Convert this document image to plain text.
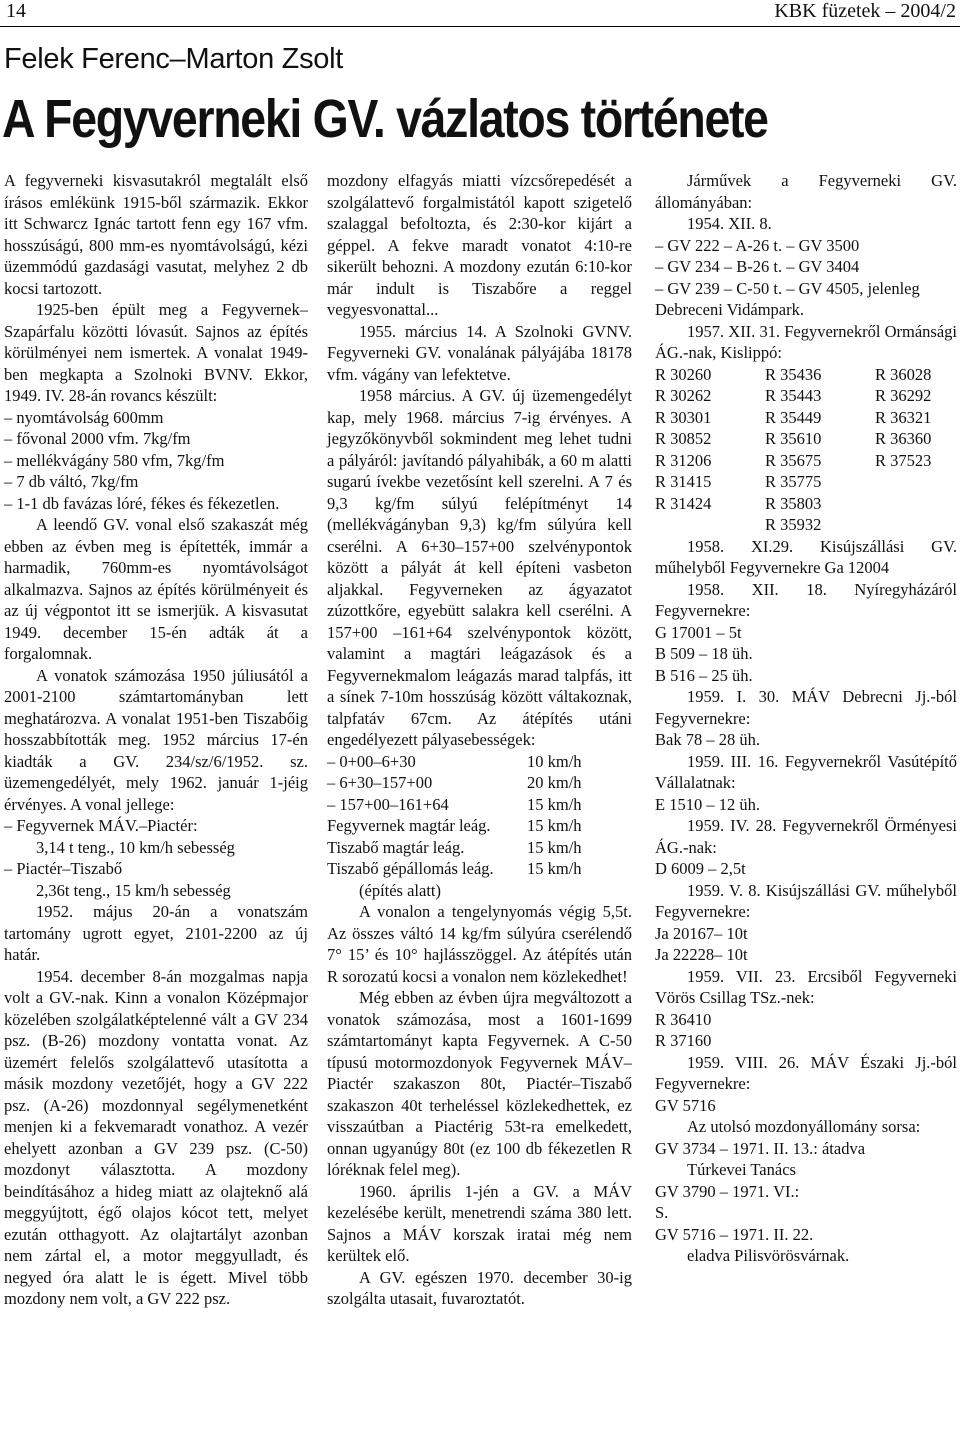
14	KBK füzetek – 2004/2
Felek Ferenc–Marton Zsolt
A Fegyverneki GV. vázlatos története

A fegyverneki kisvasutakról megtalált első írásos emlékünk 1915-ből származik. Ekkor itt Schwarcz Ignác tartott fenn egy 167 vfm. hosszúságú, 800 mm-es nyomtávolságú, kézi üzemmódú gazdasági vasutat, melyhez 2 db kocsi tartozott.

1925-ben épült meg a Fegyvernek–Szapárfalu közötti lóvasút. Sajnos az építés körülményei nem ismertek. A vonalat 1949-ben megkapta a Szolnoki BVNV. Ekkor, 1949. IV. 28-án rovancs készült:

– nyomtávolság 600mm

– fővonal 2000 vfm. 7kg/fm

– mellékvágány 580 vfm, 7kg/fm

– 7 db váltó, 7kg/fm

– 1-1 db favázas lóré, fékes és fékezetlen.

A leendő GV. vonal első szakaszát még ebben az évben meg is építették, immár a harmadik, 760mm-es nyomtávolságot alkalmazva. Sajnos az építés körülményeit és az új végpontot itt se ismerjük. A kisvasutat 1949. december 15-én adták át a forgalomnak.

A vonatok számozása 1950 júliusától a 2001-2100 számtartományban lett meghatározva. A vonalat 1951-ben Tiszabőig hosszabbították meg. 1952 március 17-én kiadták a GV. 234/sz/6/1952. sz. üzemengedélyét, mely 1962. január 1-jéig érvényes. A vonal jellege:

– Fegyvernek MÁV.–Piactér:

3,14 t teng., 10 km/h sebesség

– Piactér–Tiszabő

2,36t teng., 15 km/h sebesség

1952. május 20-án a vonatszám tartomány ugrott egyet, 2101-2200 az új határ.

1954. december 8-án mozgalmas napja volt a GV.-nak. Kinn a vonalon Középmajor közelében szolgálatképtelenné vált a GV 234 psz. (B-26) mozdony vontatta vonat. Az üzemért felelős szolgálattevő utasította a másik mozdony vezetőjét, hogy a GV 222 psz. (A-26) mozdonnyal segélymenetként menjen ki a fekvemaradt vonathoz. A vezér ehelyett azonban a GV 239 psz. (C-50) mozdonyt választotta. A mozdony beindításához a hideg miatt az olajteknő alá meggyújtott, égő olajos kócot tett, melyet ezután otthagyott. Az olajtartályt azonban nem zártal el, a motor meggyulladt, és negyed óra alatt le is égett. Mivel több mozdony nem volt, a GV 222 psz.

mozdony elfagyás miatti vízcsőrepedését a szolgálattevő forgalmistától kapott szigetelő szalaggal befoltozta, és 2:30-kor kijárt a géppel. A fekve maradt vonatot 4:10-re sikerült behozni. A mozdony ezután 6:10-kor már indult is Tiszabőre a reggel vegyesvonattal...

1955. március 14. A Szolnoki GVNV. Fegyverneki GV. vonalának pályájába 18178 vfm. vágány van lefektetve.

1958 március. A GV. új üzemengedélyt kap, mely 1968. március 7-ig érvényes. A jegyzőkönyvből sokmindent meg lehet tudni a pályáról: javítandó pályahibák, a 60 m alatti sugarú ívekbe vezetősínt kell szerelni. A 7 és 9,3 kg/fm súlyú felépítményt 14 (mellékvágányban 9,3) kg/fm súlyúra kell cserélni. A 6+30–157+00 szelvénypontok között a pályát át kell építeni vasbeton aljakkal. Fegyverneken az ágyazatot zúzottkőre, egyebütt salakra kell cserélni. A 157+00 –161+64 szelvénypontok között, valamint a magtári leágazások és a Fegyvernekmalom leágazás marad talpfás, itt a sínek 7-10m hosszúság között váltakoznak, talpfatáv 67cm. Az átépítés utáni engedélyezett pályasebességek:

– 0+00–6+30	10 km/h
– 6+30–157+00	20 km/h
– 157+00–161+64	15 km/h
Fegyvernek magtár leág.	15 km/h
Tiszabő magtár leág.	15 km/h
Tiszabő gépállomás leág.	15 km/h

(építés alatt)

A vonalon a tengelynyomás végig 5,5t. Az összes váltó 14 kg/fm súlyúra cserélendő 7° 15’ és 10° hajlásszöggel. Az átépítés után R sorozatú kocsi a vonalon nem közlekedhet!

Még ebben az évben újra megváltozott a vonatok számozása, most a 1601-1699 számtartományt kapta Fegyvernek. A C-50 típusú motormozdonyok Fegyvernek MÁV–Piactér szakaszon 80t, Piactér–Tiszabő szakaszon 40t terheléssel közlekedhettek, ez visszaútban a Piactérig 53t-ra emelkedett, onnan ugyanúgy 80t (ez 100 db fékezetlen R lóréknak felel meg).

1960. április 1-jén a GV. a MÁV kezelésébe került, menetrendi száma 380 lett. Sajnos a MÁV korszak iratai még nem kerültek elő.

A GV. egészen 1970. december 30-ig szolgálta utasait, fuvaroztatót.

Járművek a Fegyverneki GV. állományában:

1954. XII. 8.

– GV 222 – A-26 t. – GV 3500

– GV 234 – B-26 t. – GV 3404

– GV 239 – C-50 t. – GV 4505, jelenleg Debreceni Vidámpark.

1957. XII. 31. Fegyvernekről Ormánsági ÁG.-nak, Kislippó:

R 30260	R 35436	R 36028
R 30262	R 35443	R 36292
R 30301	R 35449	R 36321
R 30852	R 35610	R 36360
R 31206	R 35675	R 37523
R 31415	R 35775	
R 31424	R 35803	
	R 35932	

1958. XI.29. Kisújszállási GV. műhelyből Fegyvernekre Ga 12004

1958. XII. 18. Nyíregyházáról Fegyvernekre:

G 17001 – 5t

B 509 – 18 üh.

B 516 – 25 üh.

1959. I. 30. MÁV Debrecni Jj.-ból Fegyvernekre:

Bak 78 – 28 üh.

1959. III. 16. Fegyvernekről Vasútépítő Vállalatnak:

E 1510 – 12 üh.

1959. IV. 28. Fegyvernekről Örményesi ÁG.-nak:

D 6009 – 2,5t

1959. V. 8. Kisújszállási GV. műhelyből Fegyvernekre:

Ja 20167– 10t

Ja 22228– 10t

1959. VII. 23. Ercsiből Fegyverneki Vörös Csillag TSz.-nek:

R 36410

R 37160

1959. VIII. 26. MÁV Északi Jj.-ból Fegyvernekre:

GV 5716

Az utolsó mozdonyállomány sorsa:

GV 3734 – 1971. II. 13.: átadva

Túrkevei Tanács

GV 3790 – 1971. VI.:

S.

GV 5716 – 1971. II. 22.

eladva Pilisvörösvárnak.
